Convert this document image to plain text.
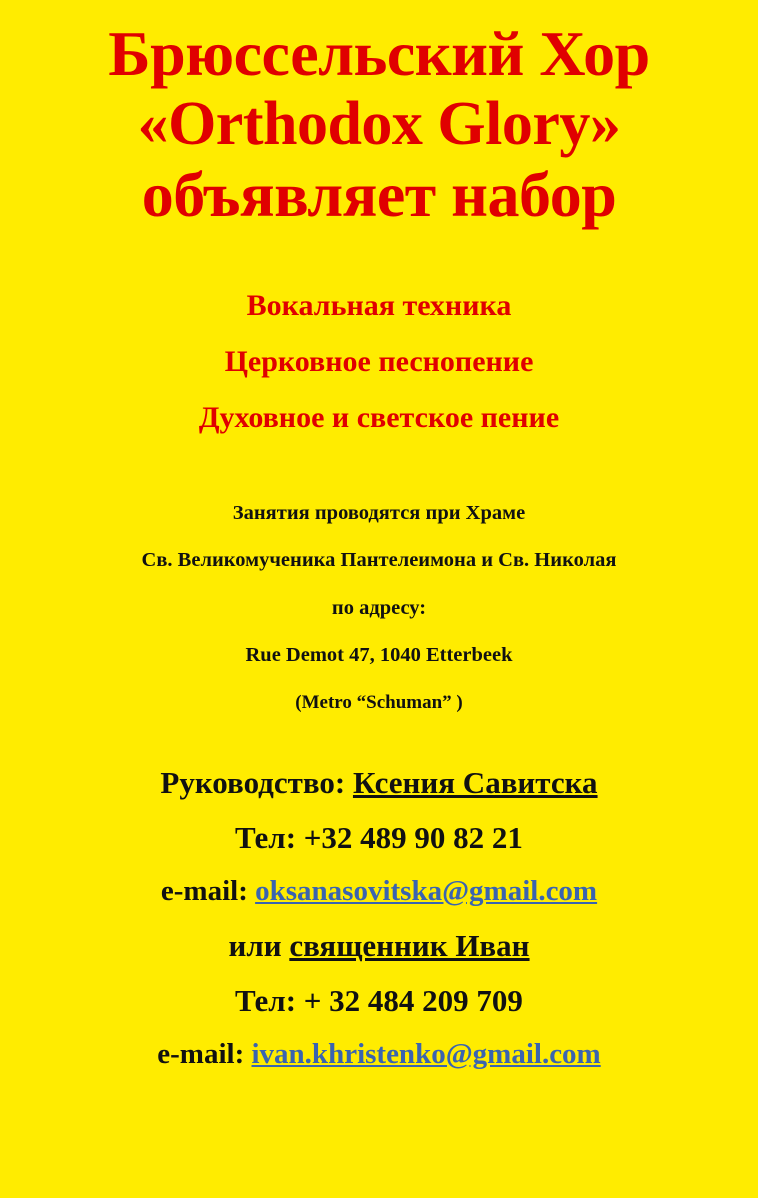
Брюссельский Хор
«Orthodox Glory»
объявляет набор
Вокальная техника
Церковное песнопение
Духовное и светское пение
Занятия проводятся при Храме
Св. Великомученика Пантелеимона и Св. Николая
по адресу:
Rue Demot 47, 1040 Etterbeek
(Metro “Schuman” )
Руководство: Ксения Савитска
Тел: +32 489 90 82 21
e-mail: oksanasovitska@gmail.com
или священник Иван
Тел: + 32 484 209 709
e-mail: ivan.khristenko@gmail.com
